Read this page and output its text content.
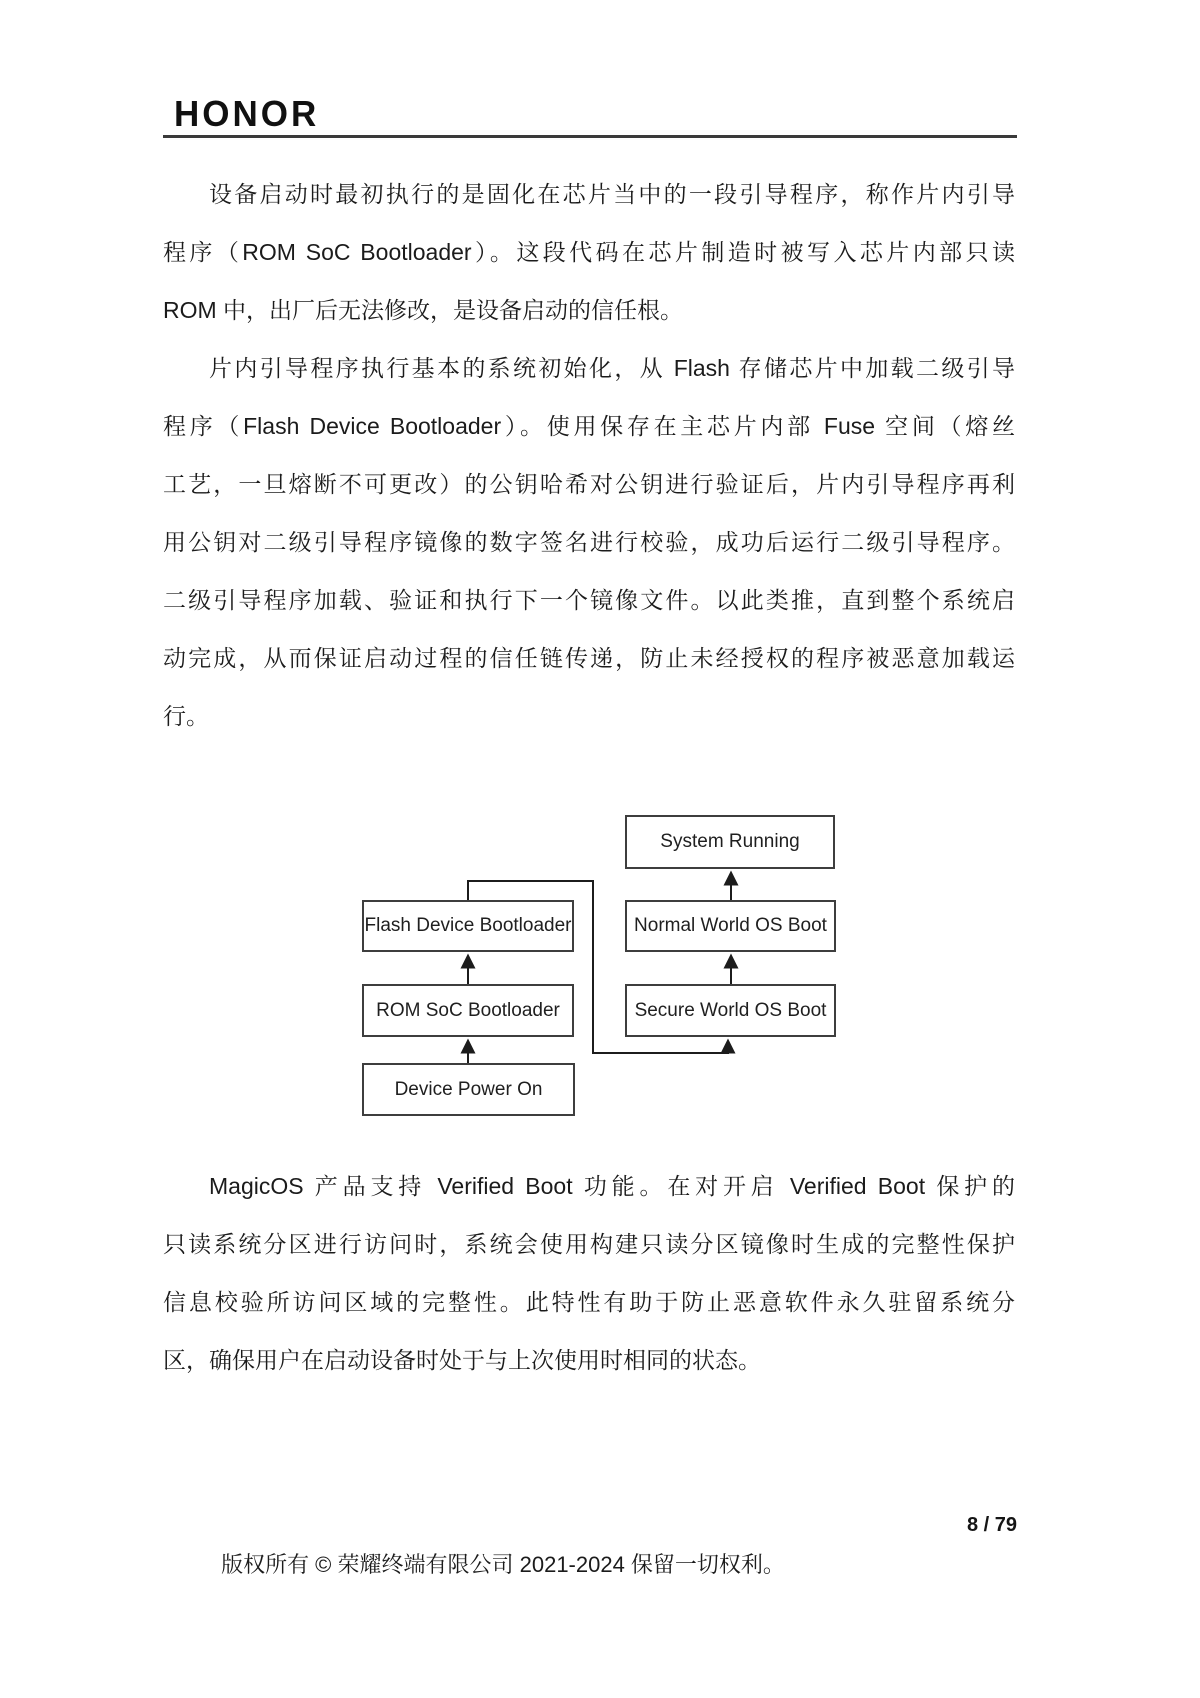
HONOR
设备启动时最初执行的是固化在芯片当中的一段引导程序，称作片内引导
程序（ROM SoC Bootloader）。这段代码在芯片制造时被写入芯片内部只读
ROM 中，出厂后无法修改，是设备启动的信任根。
片内引导程序执行基本的系统初始化，从 Flash 存储芯片中加载二级引导
程序（Flash Device Bootloader）。使用保存在主芯片内部 Fuse 空间（熔丝
工艺，一旦熔断不可更改）的公钥哈希对公钥进行验证后，片内引导程序再利
用公钥对二级引导程序镜像的数字签名进行校验，成功后运行二级引导程序。
二级引导程序加载、验证和执行下一个镜像文件。以此类推，直到整个系统启
动完成，从而保证启动过程的信任链传递，防止未经授权的程序被恶意加载运
行。
System Running
Flash Device Bootloader	Normal World OS Boot
ROM SoC Bootloader	Secure World OS Boot
Device Power On
MagicOS 产品支持 Verified Boot 功能。在对开启 Verified Boot 保护的
只读系统分区进行访问时，系统会使用构建只读分区镜像时生成的完整性保护
信息校验所访问区域的完整性。此特性有助于防止恶意软件永久驻留系统分
区，确保用户在启动设备时处于与上次使用时相同的状态。
8 / 79
版权所有 © 荣耀终端有限公司 2021-2024 保留一切权利。
